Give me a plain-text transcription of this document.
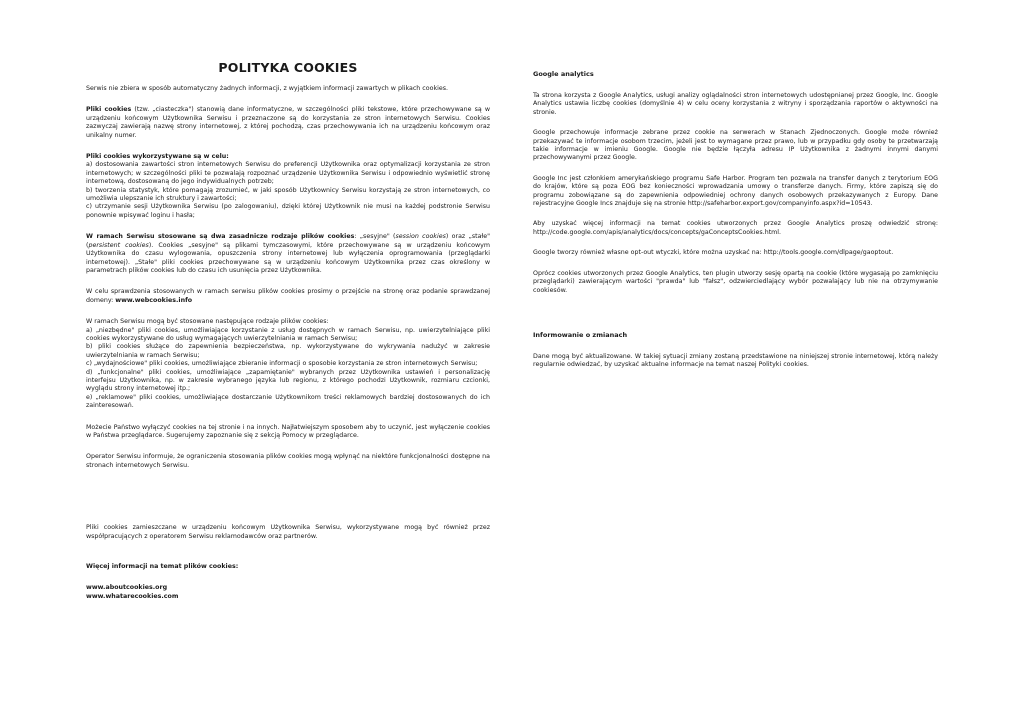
POLITYKA COOKIES

Serwis nie zbiera w sposób automatyczny żadnych informacji, z wyjątkiem informacji zawartych w plikach cookies.

Pliki cookies (tzw. „ciasteczka") stanowią dane informatyczne, w szczególności pliki tekstowe, które przechowywane są w urządzeniu końcowym Użytkownika Serwisu i przeznaczone są do korzystania ze stron internetowych Serwisu. Cookies zazwyczaj zawierają nazwę strony internetowej, z której pochodzą, czas przechowywania ich na urządzeniu końcowym oraz unikalny numer.

Pliki cookies wykorzystywane są w celu:

a) dostosowania zawartości stron internetowych Serwisu do preferencji Użytkownika oraz optymalizacji korzystania ze stron internetowych; w szczególności pliki te pozwalają rozpoznać urządzenie Użytkownika Serwisu i odpowiednio wyświetlić stronę internetową, dostosowaną do jego indywidualnych potrzeb;

b) tworzenia statystyk, które pomagają zrozumieć, w jaki sposób Użytkownicy Serwisu korzystają ze stron internetowych, co umożliwia ulepszanie ich struktury i zawartości;

c) utrzymanie sesji Użytkownika Serwisu (po zalogowaniu), dzięki której Użytkownik nie musi na każdej podstronie Serwisu ponownie wpisywać loginu i hasła;

W ramach Serwisu stosowane są dwa zasadnicze rodzaje plików cookies: „sesyjne" (session cookies) oraz „stałe" (persistent cookies). Cookies „sesyjne" są plikami tymczasowymi, które przechowywane są w urządzeniu końcowym Użytkownika do czasu wylogowania, opuszczenia strony internetowej lub wyłączenia oprogramowania (przeglądarki internetowej). „Stałe" pliki cookies przechowywane są w urządzeniu końcowym Użytkownika przez czas określony w parametrach plików cookies lub do czasu ich usunięcia przez Użytkownika.

W celu sprawdzenia stosowanych w ramach serwisu plików cookies prosimy o przejście na stronę oraz podanie sprawdzanej domeny: www.webcookies.info

W ramach Serwisu mogą być stosowane następujące rodzaje plików cookies:

a) „niezbędne" pliki cookies, umożliwiające korzystanie z usług dostępnych w ramach Serwisu, np. uwierzytelniające pliki cookies wykorzystywane do usług wymagających uwierzytelniania w ramach Serwisu;

b) pliki cookies służące do zapewnienia bezpieczeństwa, np. wykorzystywane do wykrywania nadużyć w zakresie uwierzytelniania w ramach Serwisu;

c) „wydajnościowe" pliki cookies, umożliwiające zbieranie informacji o sposobie korzystania ze stron internetowych Serwisu;

d) „funkcjonalne" pliki cookies, umożliwiające „zapamiętanie" wybranych przez Użytkownika ustawień i personalizację interfejsu Użytkownika, np. w zakresie wybranego języka lub regionu, z którego pochodzi Użytkownik, rozmiaru czcionki, wyglądu strony internetowej itp.;

e) „reklamowe" pliki cookies, umożliwiające dostarczanie Użytkownikom treści reklamowych bardziej dostosowanych do ich zainteresowań.

Możecie Państwo wyłączyć cookies na tej stronie i na innych. Najłatwiejszym sposobem aby to uczynić, jest wyłączenie cookies w Państwa przeglądarce. Sugerujemy zapoznanie się z sekcją Pomocy w przeglądarce.

Operator Serwisu informuje, że ograniczenia stosowania plików cookies mogą wpłynąć na niektóre funkcjonalności dostępne na stronach internetowych Serwisu.

Pliki cookies zamieszczane w urządzeniu końcowym Użytkownika Serwisu, wykorzystywane mogą być również przez współpracujących z operatorem Serwisu reklamodawców oraz partnerów.

Więcej informacji na temat plików cookies:

www.aboutcookies.org

www.whatarecookies.com

Google analytics

Ta strona korzysta z Google Analytics, usługi analizy oglądalności stron internetowych udostępnianej przez Google, Inc. Google Analytics ustawia liczbę cookies (domyślnie 4) w celu oceny korzystania z witryny i sporządzania raportów o aktywności na stronie.

Google przechowuje informacje zebrane przez cookie na serwerach w Stanach Zjednoczonych. Google może również przekazywać te informacje osobom trzecim, jeżeli jest to wymagane przez prawo, lub w przypadku gdy osoby te przetwarzają takie informacje w imieniu Google. Google nie będzie łączyła adresu IP Użytkownika z żadnymi innymi danymi przechowywanymi przez Google.

Google Inc jest członkiem amerykańskiego programu Safe Harbor. Program ten pozwala na transfer danych z terytorium EOG do krajów, które są poza EOG bez konieczności wprowadzania umowy o transferze danych. Firmy, które zapiszą się do programu zobowiązane są do zapewnienia odpowiedniej ochrony danych osobowych przekazywanych z Europy. Dane rejestracyjne Google Incs znajduje się na stronie http://safeharbor.export.gov/companyinfo.aspx?id=10543.

Aby uzyskać więcej informacji na temat cookies utworzonych przez Google Analytics proszę odwiedzić stronę: http://code.google.com/apis/analytics/docs/concepts/gaConceptsCookies.html.

Google tworzy również własne opt-out wtyczki, które można uzyskać na: http://tools.google.com/dlpage/gaoptout.

Oprócz cookies utworzonych przez Google Analytics, ten plugin utworzy sesję opartą na cookie (które wygasają po zamknięciu przeglądarki) zawierającym wartości "prawda" lub "fałsz", odzwierciedlający wybór pozwalający lub nie na otrzymywanie cookiesów.

Informowanie o zmianach

Dane mogą być aktualizowane. W takiej sytuacji zmiany zostaną przedstawione na niniejszej stronie internetowej, którą należy regularnie odwiedzać, by uzyskać aktualne informacje na temat naszej Polityki cookies.
